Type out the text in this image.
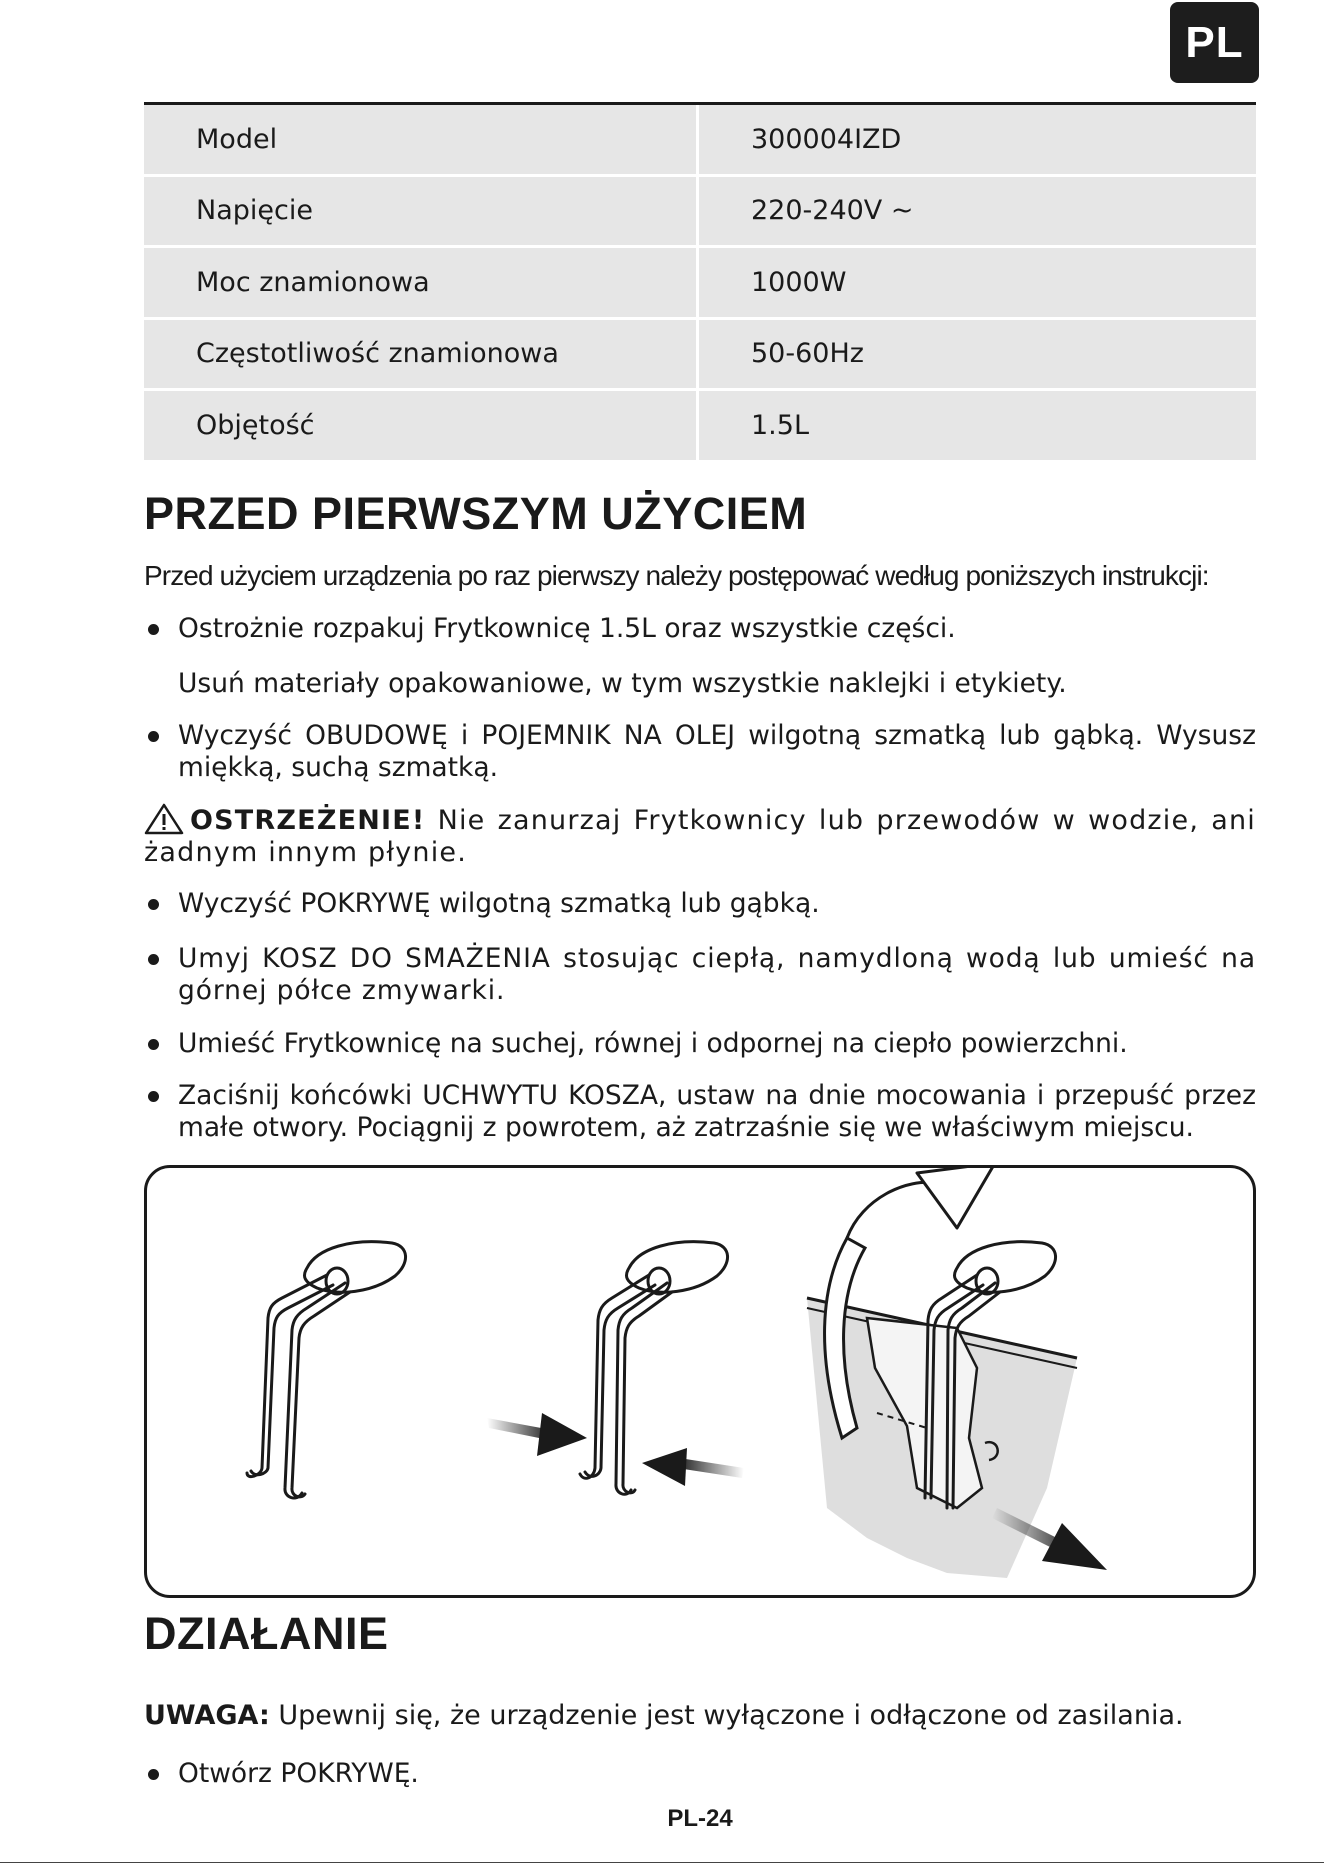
PL
Model	300004IZD
Napięcie	220-240V ~
Moc znamionowa	1000W
Częstotliwość znamionowa	50-60Hz
Objętość	1.5L
PRZED PIERWSZYM UŻYCIEM
Przed użyciem urządzenia po raz pierwszy należy postępować według poniższych instrukcji:
Ostrożnie rozpakuj Frytkownicę 1.5L oraz wszystkie części.
Usuń materiały opakowaniowe, w tym wszystkie naklejki i etykiety.
Wyczyść OBUDOWĘ i POJEMNIK NA OLEJ wilgotną szmatką lub gąbką. Wysusz miękką, suchą szmatką.
OSTRZEŻENIE! Nie zanurzaj Frytkownicy lub przewodów w wodzie, ani żadnym innym płynie.
Wyczyść POKRYWĘ wilgotną szmatką lub gąbką.
Umyj KOSZ DO SMAŻENIA stosując ciepłą, namydloną wodą lub umieść na górnej półce zmywarki.
Umieść Frytkownicę na suchej, równej i odpornej na ciepło powierzchni.
Zaciśnij końcówki UCHWYTU KOSZA, ustaw na dnie mocowania i przepuść przez małe otwory. Pociągnij z powrotem, aż zatrzaśnie się we właściwym miejscu.
DZIAŁANIE
UWAGA: Upewnij się, że urządzenie jest wyłączone i odłączone od zasilania.
Otwórz POKRYWĘ.
PL-24
